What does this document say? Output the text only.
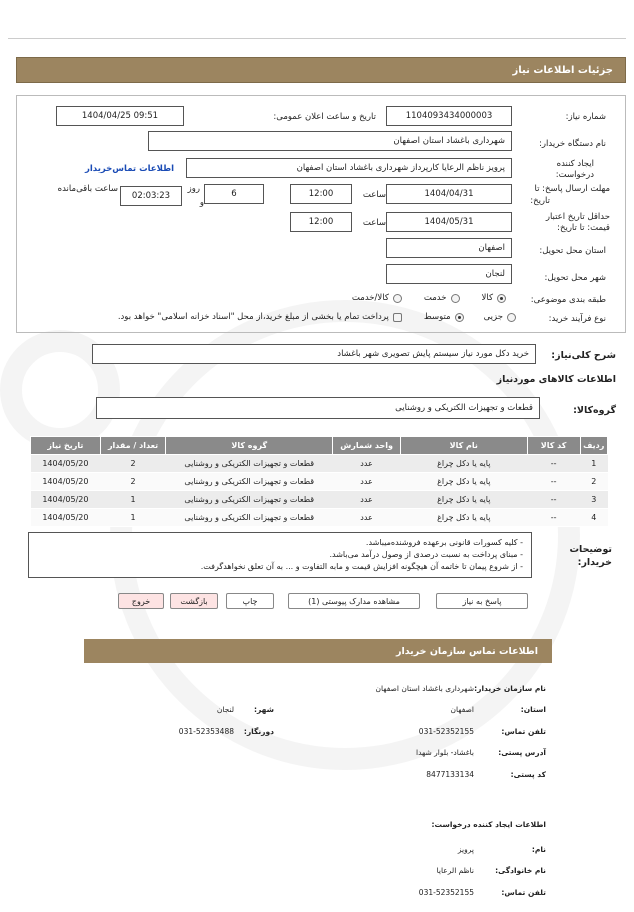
جزئیات اطلاعات نیاز
شماره نیاز:
1104093434000003
تاریخ و ساعت اعلان عمومی:
1404/04/25 09:51
نام دستگاه خریدار:
شهرداری باغشاد استان اصفهان
ایجاد کننده
درخواست:
پرویز ناظم الرعایا کارپرداز شهرداری باغشاد استان اصفهان
اطلاعات تماس‌خریدار
مهلت ارسال پاسخ: تا
تاریخ:
1404/04/31
ساعت
12:00
6
روز
و
02:03:23
ساعت باقی‌مانده
حداقل تاریخ اعتبار
قیمت: تا تاریخ:
1404/05/31
ساعت
12:00
استان محل تحویل:
اصفهان
شهر محل تحویل:
لنجان
طبقه بندی موضوعی:
کالا
خدمت
کالا/خدمت
نوع فرآیند خرید:
جزیی
متوسط
پرداخت تمام یا بخشی از مبلغ خرید،از محل "اسناد خزانه اسلامی" خواهد بود.
شرح کلی‌نیاز:
خرید دکل مورد نیاز سیستم پایش تصویری شهر باغشاد
اطلاعات کالاهای موردنیاز
گروه‌کالا:
قطعات و تجهیزات الکتریکی و روشنایی
ردیف	کد کالا	نام کالا	واحد شمارش	گروه کالا	تعداد / مقدار	تاریخ نیاز
1	--	پایه یا دکل چراغ	عدد	قطعات و تجهیزات الکتریکی و روشنایی	2	1404/05/20
2	--	پایه یا دکل چراغ	عدد	قطعات و تجهیزات الکتریکی و روشنایی	2	1404/05/20
3	--	پایه یا دکل چراغ	عدد	قطعات و تجهیزات الکتریکی و روشنایی	1	1404/05/20
4	--	پایه یا دکل چراغ	عدد	قطعات و تجهیزات الکتریکی و روشنایی	1	1404/05/20
توضیحات
خریدار:
- کلیه کسورات قانونی برعهده فروشنده‌میباشد.
- مبنای پرداخت به نسبت درصدی از وصول درآمد می‌باشد.
- از شروع پیمان تا خاتمه آن هیچگونه افزایش قیمت و مابه التفاوت و ... به آن تعلق نخواهدگرفت.
پاسخ به نیاز
مشاهده مدارک پیوستی (1)
چاپ
بازگشت
خروج
اطلاعات تماس سازمان خریدار
نام سازمان خریدار:
شهرداری باغشاد استان اصفهان
استان:
اصفهان
شهر:
لنجان
تلفن تماس:
031-52352155
دورنگار:
031-52353488
آدرس پستی:
باغشاد- بلوار شهدا
کد پستی:
8477133134
اطلاعات ایجاد کننده درخواست:
نام:
پرویز
نام خانوادگی:
ناظم الرعایا
تلفن تماس:
031-52352155
